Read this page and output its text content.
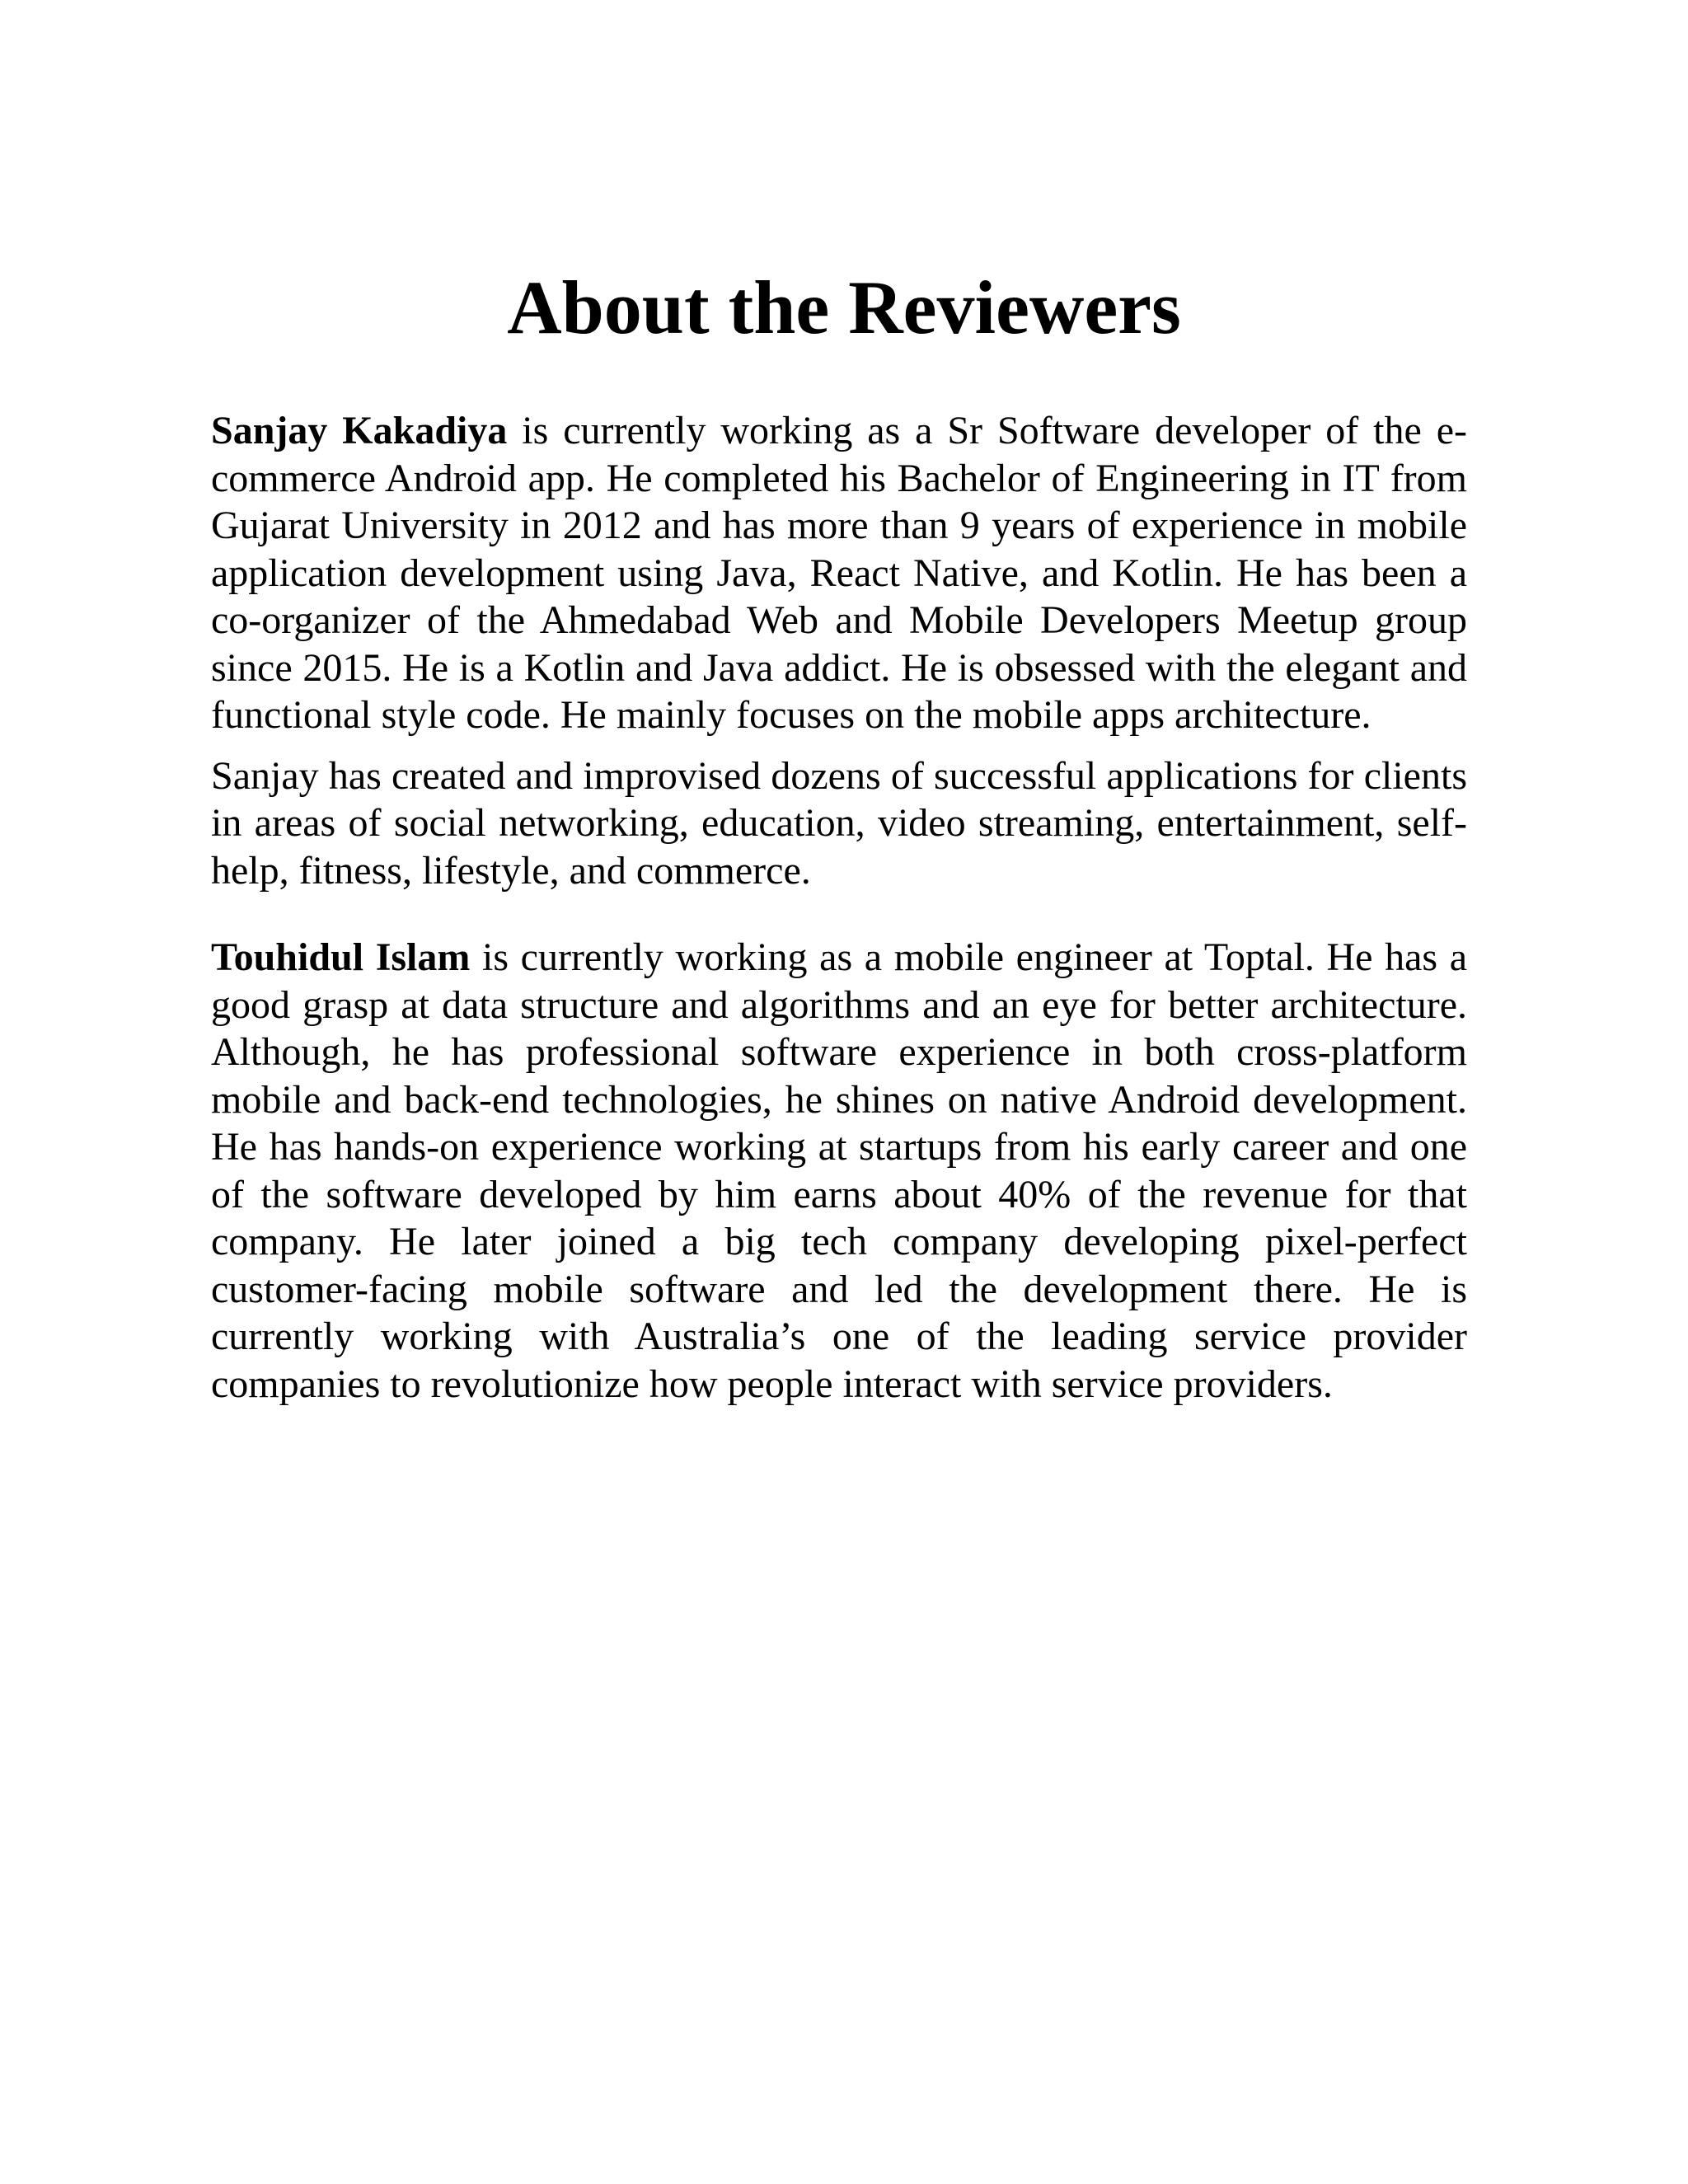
About the Reviewers

Sanjay Kakadiya is currently working as a Sr Software developer of the e-commerce Android app. He completed his Bachelor of Engineering in IT from Gujarat University in 2012 and has more than 9 years of experience in mobile application development using Java, React Native, and Kotlin. He has been a co-organizer of the Ahmedabad Web and Mobile Developers Meetup group since 2015. He is a Kotlin and Java addict. He is obsessed with the elegant and functional style code. He mainly focuses on the mobile apps architecture.

Sanjay has created and improvised dozens of successful applications for clients in areas of social networking, education, video streaming, entertainment, self-help, fitness, lifestyle, and commerce.

Touhidul Islam is currently working as a mobile engineer at Toptal. He has a good grasp at data structure and algorithms and an eye for better architecture. Although, he has professional software experience in both cross-platform mobile and back-end technologies, he shines on native Android development. He has hands-on experience working at startups from his early career and one of the software developed by him earns about 40% of the revenue for that company. He later joined a big tech company developing pixel-perfect customer-facing mobile software and led the development there. He is currently working with Australia’s one of the leading service provider companies to revolutionize how people interact with service providers.
